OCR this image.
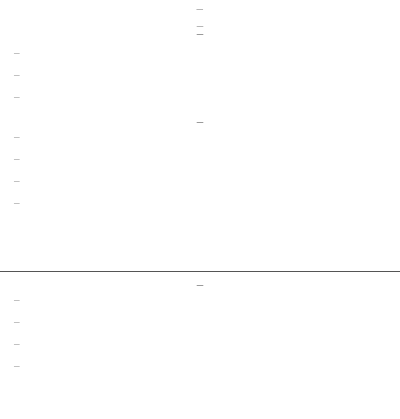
—
—
—

—

—

—

—

—

—

—

—

—

—

—

—

—
